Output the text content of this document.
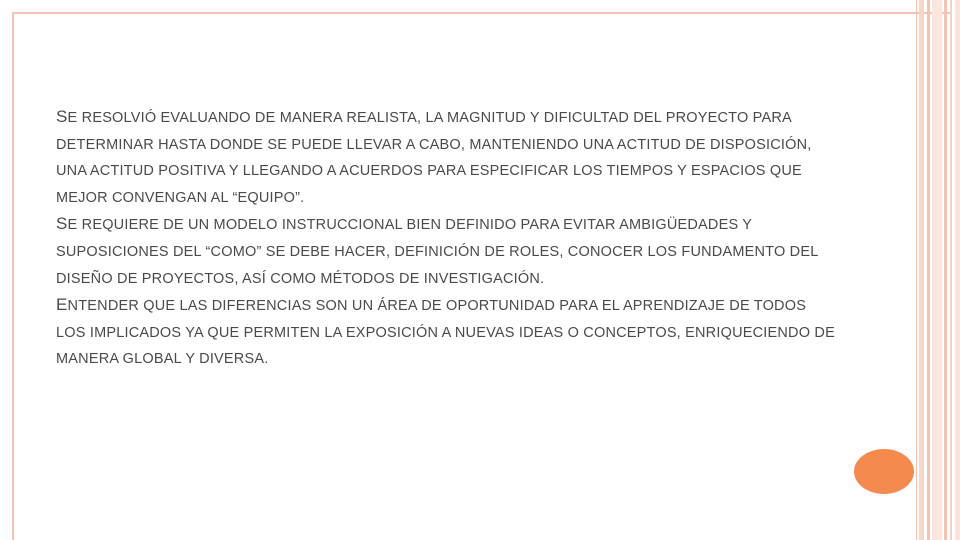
SE RESOLVIÓ EVALUANDO DE MANERA REALISTA, LA MAGNITUD Y DIFICULTAD DEL PROYECTO PARA DETERMINAR HASTA DONDE SE PUEDE LLEVAR A CABO, MANTENIENDO UNA ACTITUD DE DISPOSICIÓN, UNA ACTITUD POSITIVA Y LLEGANDO A ACUERDOS PARA ESPECIFICAR LOS TIEMPOS Y ESPACIOS QUE MEJOR CONVENGAN AL “EQUIPO”.

SE REQUIERE DE UN MODELO INSTRUCCIONAL BIEN DEFINIDO PARA EVITAR AMBIGÜEDADES Y SUPOSICIONES DEL “COMO” SE DEBE HACER, DEFINICIÓN DE ROLES, CONOCER LOS FUNDAMENTO DEL DISEÑO DE PROYECTOS, ASÍ COMO MÉTODOS DE INVESTIGACIÓN.

ENTENDER QUE LAS DIFERENCIAS SON UN ÁREA DE OPORTUNIDAD PARA EL APRENDIZAJE DE TODOS LOS IMPLICADOS YA QUE PERMITEN LA EXPOSICIÓN A NUEVAS IDEAS O CONCEPTOS, ENRIQUECIENDO DE MANERA GLOBAL Y DIVERSA.
